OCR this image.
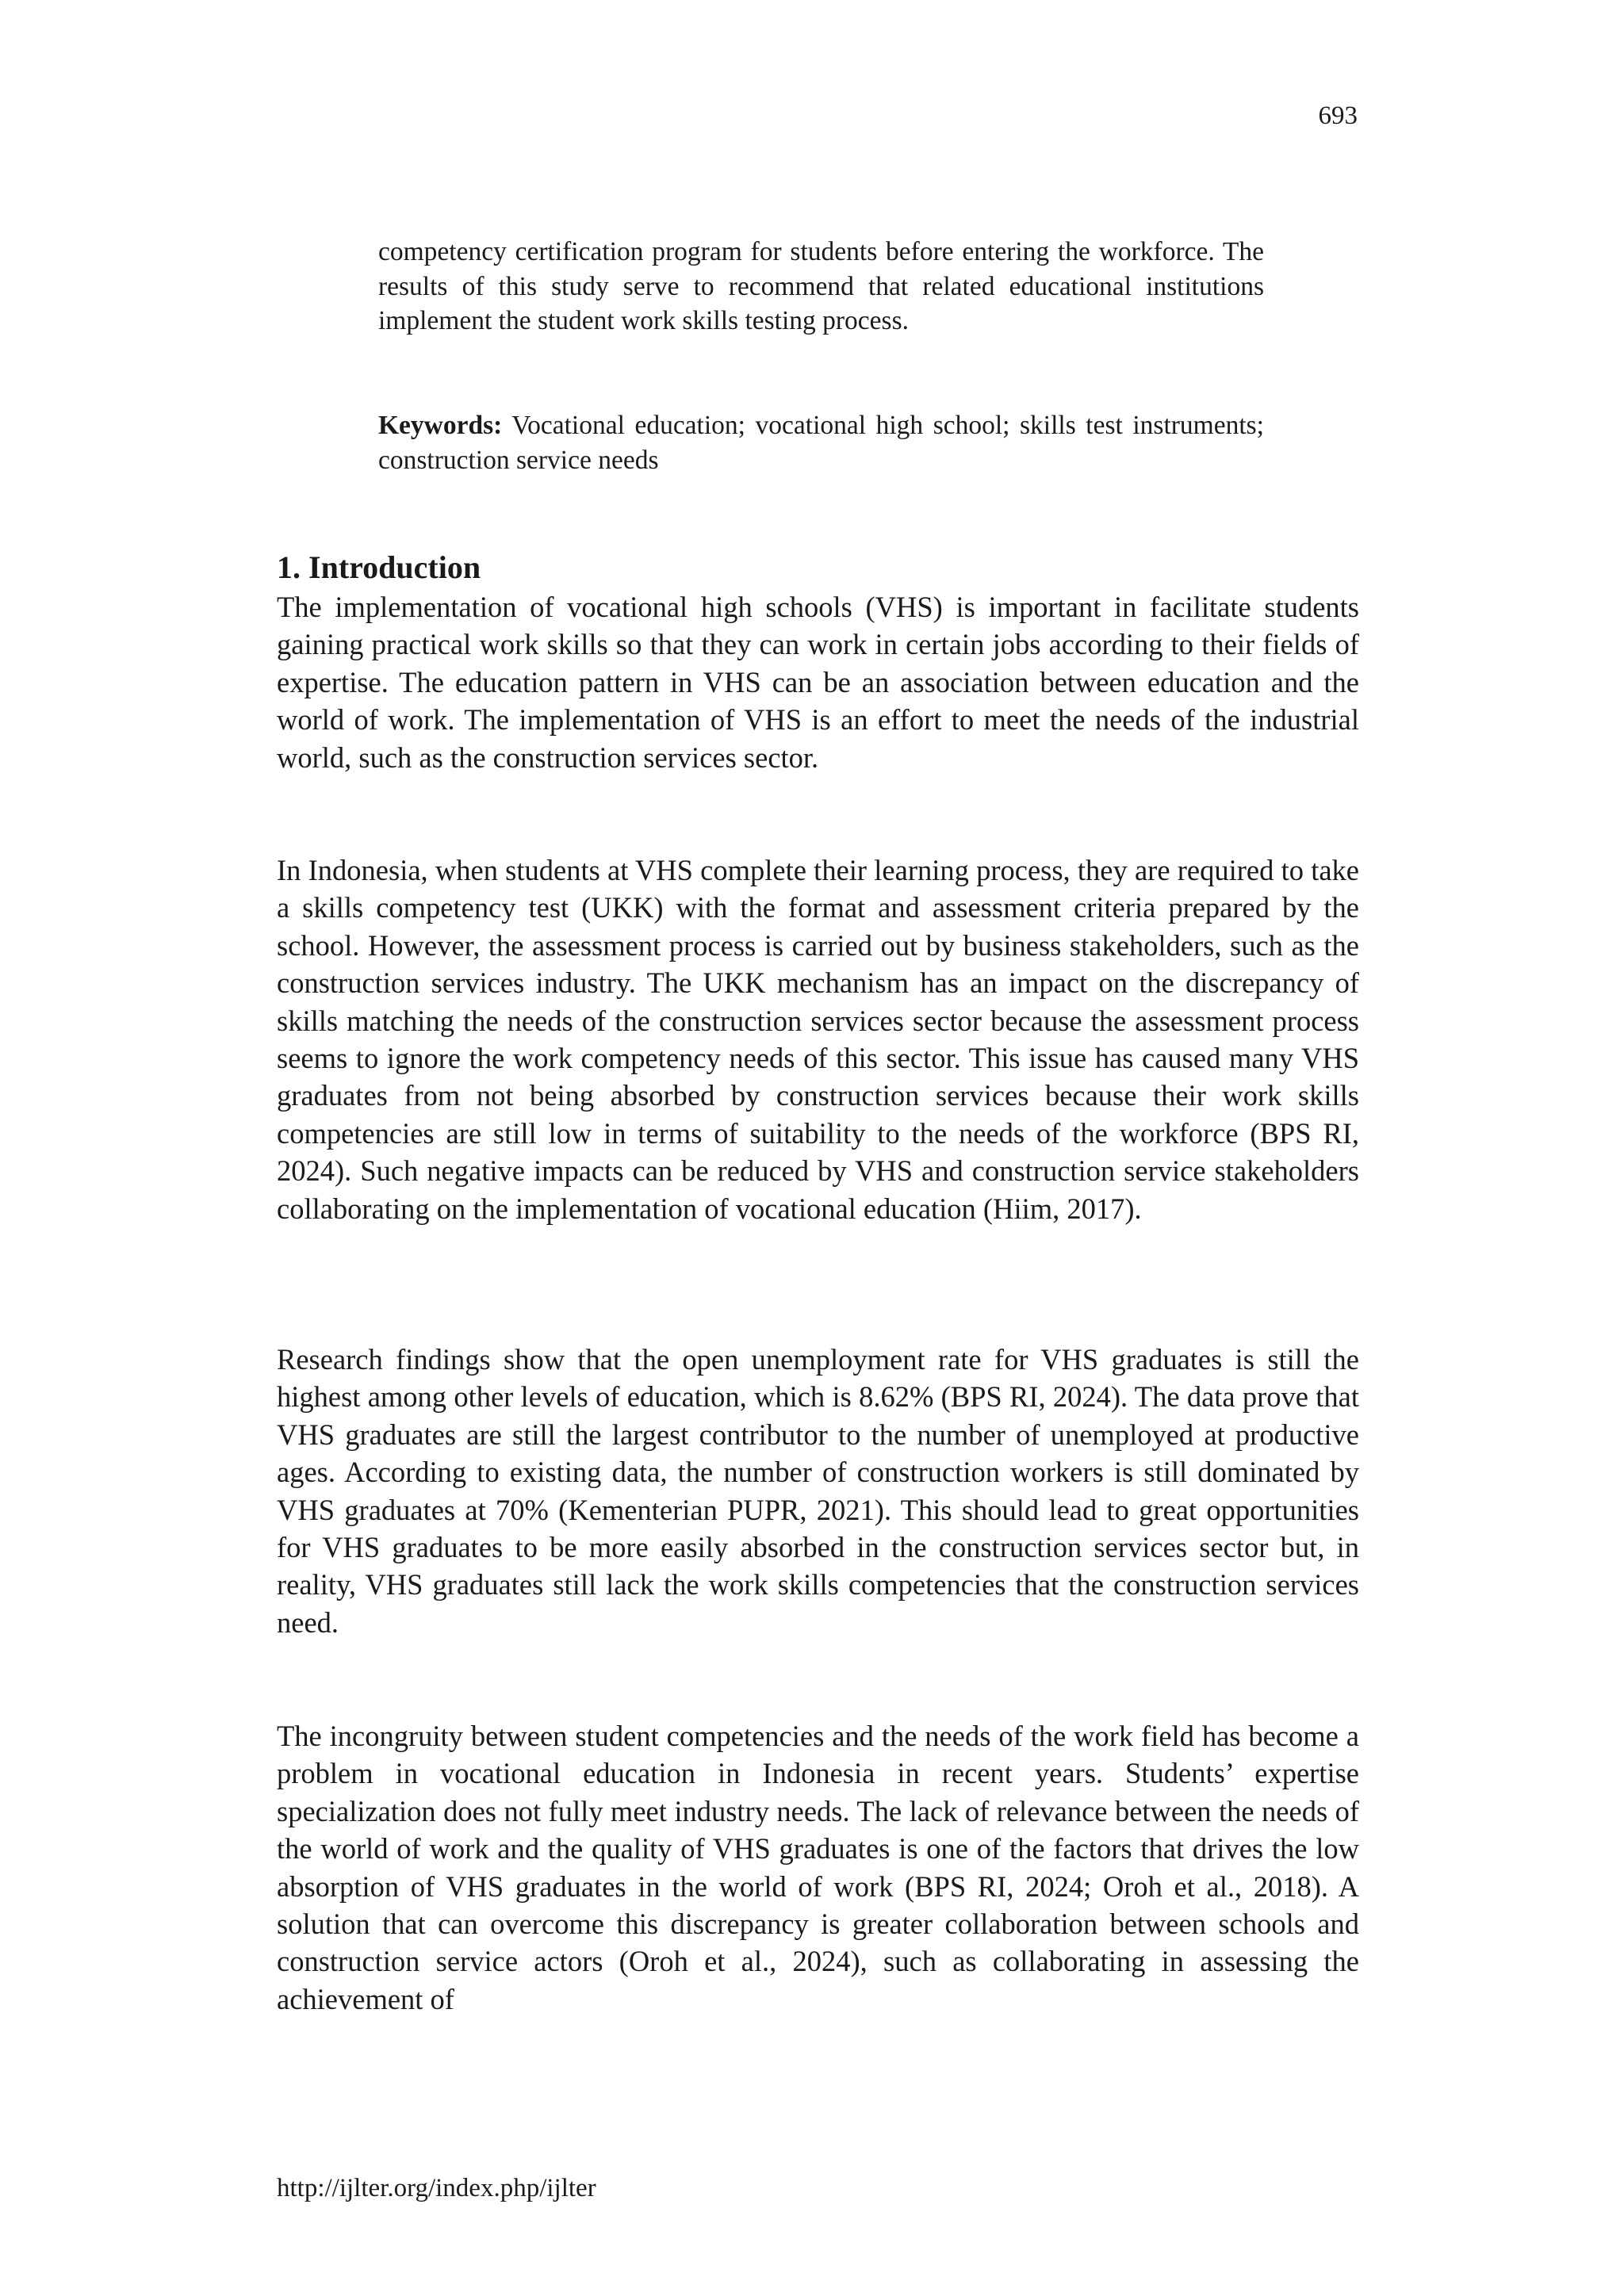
693

competency certification program for students before entering the workforce. The results of this study serve to recommend that related educational institutions implement the student work skills testing process.

Keywords: Vocational education; vocational high school; skills test instruments; construction service needs

1. Introduction

The implementation of vocational high schools (VHS) is important in facilitate students gaining practical work skills so that they can work in certain jobs according to their fields of expertise. The education pattern in VHS can be an association between education and the world of work. The implementation of VHS is an effort to meet the needs of the industrial world, such as the construction services sector.

In Indonesia, when students at VHS complete their learning process, they are required to take a skills competency test (UKK) with the format and assessment criteria prepared by the school. However, the assessment process is carried out by business stakeholders, such as the construction services industry. The UKK mechanism has an impact on the discrepancy of skills matching the needs of the construction services sector because the assessment process seems to ignore the work competency needs of this sector. This issue has caused many VHS graduates from not being absorbed by construction services because their work skills competencies are still low in terms of suitability to the needs of the workforce (BPS RI, 2024). Such negative impacts can be reduced by VHS and construction service stakeholders collaborating on the implementation of vocational education (Hiim, 2017).

Research findings show that the open unemployment rate for VHS graduates is still the highest among other levels of education, which is 8.62% (BPS RI, 2024). The data prove that VHS graduates are still the largest contributor to the number of unemployed at productive ages. According to existing data, the number of construction workers is still dominated by VHS graduates at 70% (Kementerian PUPR, 2021). This should lead to great opportunities for VHS graduates to be more easily absorbed in the construction services sector but, in reality, VHS graduates still lack the work skills competencies that the construction services need.

The incongruity between student competencies and the needs of the work field has become a problem in vocational education in Indonesia in recent years. Students’ expertise specialization does not fully meet industry needs. The lack of relevance between the needs of the world of work and the quality of VHS graduates is one of the factors that drives the low absorption of VHS graduates in the world of work (BPS RI, 2024; Oroh et al., 2018). A solution that can overcome this discrepancy is greater collaboration between schools and construction service actors (Oroh et al., 2024), such as collaborating in assessing the achievement of

http://ijlter.org/index.php/ijlter
